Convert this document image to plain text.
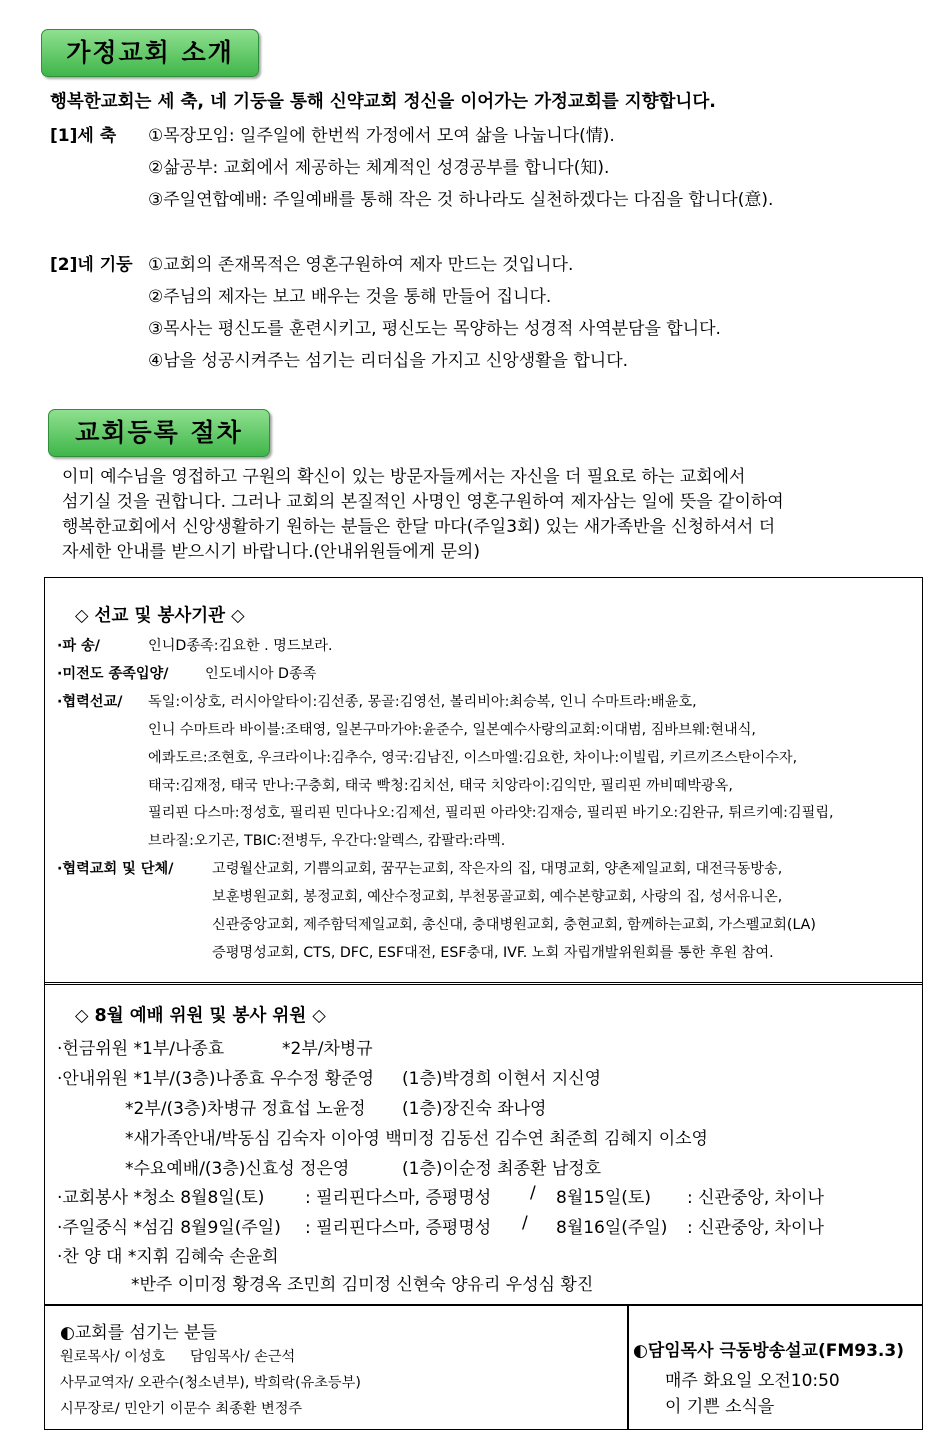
가정교회 소개
행복한교회는 세 축, 네 기둥을 통해 신약교회 정신을 이어가는 가정교회를 지향합니다.
[1]세 축 ①목장모임: 일주일에 한번씩 가정에서 모여 삶을 나눕니다(情).
②삶공부: 교회에서 제공하는 체계적인 성경공부를 합니다(知).
③주일연합예배: 주일예배를 통해 작은 것 하나라도 실천하겠다는 다짐을 합니다(意).
[2]네 기둥 ①교회의 존재목적은 영혼구원하여 제자 만드는 것입니다.
②주님의 제자는 보고 배우는 것을 통해 만들어 집니다.
③목사는 평신도를 훈련시키고, 평신도는 목양하는 성경적 사역분담을 합니다.
④남을 성공시켜주는 섬기는 리더십을 가지고 신앙생활을 합니다.
교회등록 절차
이미 예수님을 영접하고 구원의 확신이 있는 방문자들께서는 자신을 더 필요로 하는 교회에서
섬기실 것을 권합니다. 그러나 교회의 본질적인 사명인 영혼구원하여 제자삼는 일에 뜻을 같이하여
행복한교회에서 신앙생활하기 원하는 분들은 한달 마다(주일3회) 있는 새가족반을 신청하셔서 더
자세한 안내를 받으시기 바랍니다.(안내위원들에게 문의)
◇ 선교 및 봉사기관 ◇
·파 송/	인니D종족:김요한 . 명드보라.
·미전도 종족입양/	인도네시아 D종족
·협력선교/ 독일:이상호, 러시아알타이:김선종, 몽골:김영선, 볼리비아:최승복, 인니 수마트라:배윤호,
인니 수마트라 바이블:조태영, 일본구마가야:윤준수, 일본예수사랑의교회:이대범, 짐바브웨:현내식,
에콰도르:조현호, 우크라이나:김추수, 영국:김남진, 이스마엘:김요한, 차이나:이빌립, 키르끼즈스탄이수자,
태국:김재정, 태국 만나:구충회, 태국 빡청:김치선, 태국 치앙라이:김익만, 필리핀 까비떼박광옥,
필리핀 다스마:정성호, 필리핀 민다나오:김제선, 필리핀 아라얏:김재승, 필리핀 바기오:김완규, 튀르키예:김필립,
브라질:오기곤, TBIC:전병두, 우간다:알렉스, 캄팔라:라멕.
·협력교회 및 단체/	고령월산교회, 기쁨의교회, 꿈꾸는교회, 작은자의 집, 대명교회, 양촌제일교회, 대전극동방송,
보훈병원교회, 봉정교회, 예산수정교회, 부천몽골교회, 예수본향교회, 사랑의 집, 성서유니온,
신관중앙교회, 제주함덕제일교회, 총신대, 충대병원교회, 충현교회, 함께하는교회, 가스펠교회(LA)
증평명성교회, CTS, DFC, ESF대전, ESF충대, IVF. 노회 자립개발위원회를 통한 후원 참여.
◇ 8월 예배 위원 및 봉사 위원 ◇
·헌금위원 *1부/나종효	*2부/차병규
·안내위원 *1부/(3층)나종효 우수정 황준영 (1층)박경희 이현서 지신영
*2부/(3층)차병규 정효섭 노윤정 (1층)장진숙 좌나영
*새가족안내/박동심 김숙자 이아영 백미정 김동선 김수연 최준희 김혜지 이소영
*수요예배/(3층)신효성 정은영	(1층)이순정 최종환 남정호
·교회봉사 *청소 8월8일(토) : 필리핀다스마, 증평명성 / 8월15일(토) : 신관중앙, 차이나
·주일중식 *섬김 8월9일(주일) : 필리핀다스마, 증평명성 / 8월16일(주일) : 신관중앙, 차이나
·찬 양 대 *지휘 김혜숙 손윤희
*반주 이미정 황경옥 조민희 김미정 신현숙 양유리 우성심 황진
◐교회를 섬기는 분들
원로목사/ 이성호 담임목사/ 손근석
사무교역자/ 오관수(청소년부), 박희락(유초등부)
시무장로/ 민안기 이문수 최종환 변정주
◐담임목사 극동방송설교(FM93.3)
매주 화요일 오전10:50
이 기쁜 소식을
